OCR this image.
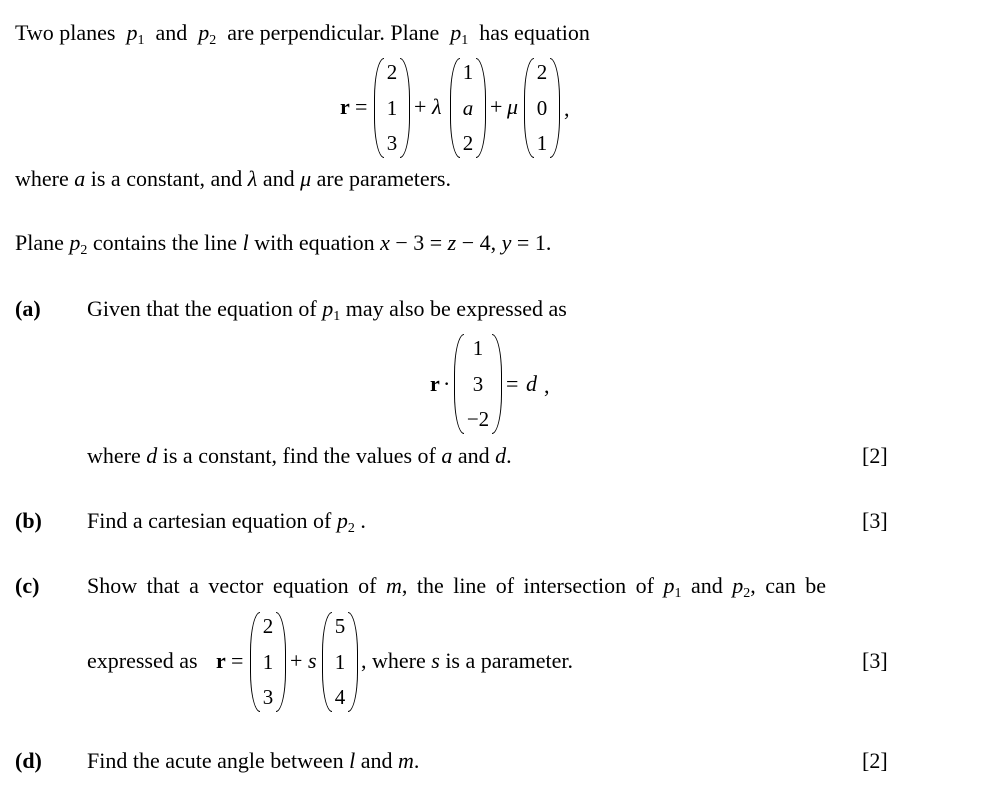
Two planes $p_1$ and $p_2$ are perpendicular. Plane $p_1$ has equation
r =
2
1
3
+ λ
1
a
2
+ μ
2
0
1
,
where a is a constant, and λ and μ are parameters.
Plane $p_2$ contains the line l with equation x − 3 = z − 4, y = 1.
(a) Given that the equation of $p_1$ may also be expressed as
r ·
1
3
−2
= d ,
where d is a constant, find the values of a and d.	[2]
(b) Find a cartesian equation of $p_2$ .	[3]
(c) Show that a vector equation of m, the line of intersection of $p_1$ and $p_2$, can be
expressed as r =
2
1
3
+ s
5
1
4
, where s is a parameter.	[3]
(d) Find the acute angle between l and m.	[2]
